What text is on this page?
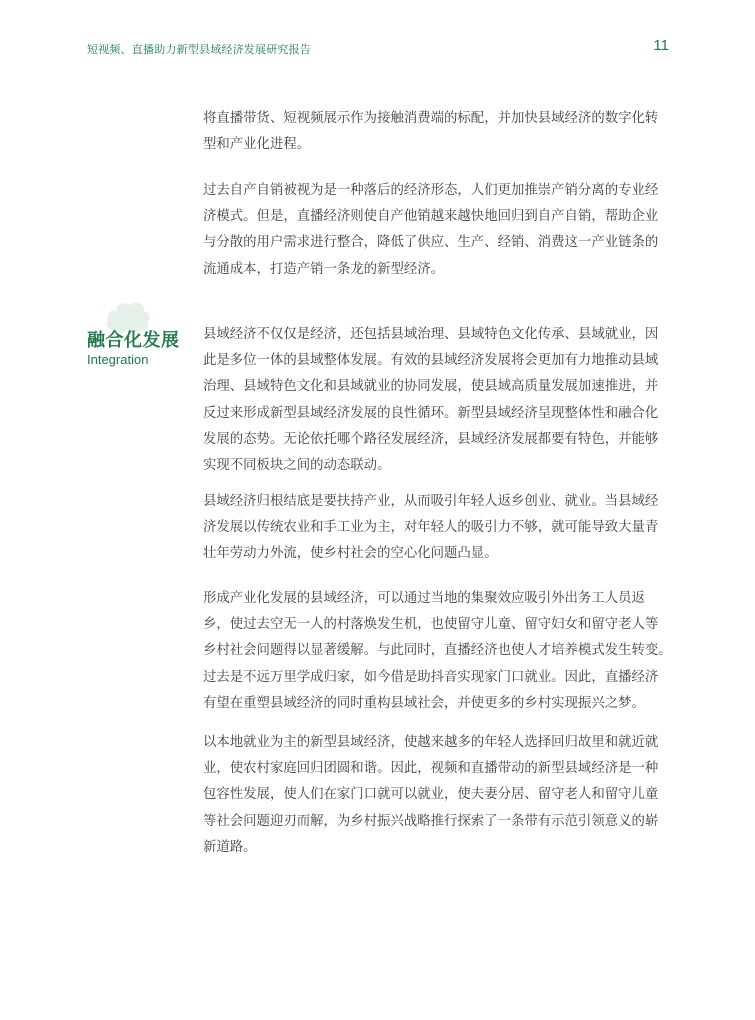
短视频、直播助力新型县域经济发展研究报告	11

将直播带货、短视频展示作为接触消费端的标配，并加快县域经济的数字化转
型和产业化进程。

过去自产自销被视为是一种落后的经济形态，人们更加推崇产销分离的专业经
济模式。但是，直播经济则使自产他销越来越快地回归到自产自销，帮助企业
与分散的用户需求进行整合，降低了供应、生产、经销、消费这一产业链条的
流通成本，打造产销一条龙的新型经济。

融合化发展
Integration

县域经济不仅仅是经济，还包括县域治理、县域特色文化传承、县域就业，因
此是多位一体的县域整体发展。有效的县域经济发展将会更加有力地推动县域
治理、县域特色文化和县域就业的协同发展，使县域高质量发展加速推进，并
反过来形成新型县域经济发展的良性循环。新型县域经济呈现整体性和融合化
发展的态势。无论依托哪个路径发展经济，县域经济发展都要有特色，并能够
实现不同板块之间的动态联动。

县域经济归根结底是要扶持产业，从而吸引年轻人返乡创业、就业。当县域经
济发展以传统农业和手工业为主，对年轻人的吸引力不够，就可能导致大量青
壮年劳动力外流，使乡村社会的空心化问题凸显。

形成产业化发展的县域经济，可以通过当地的集聚效应吸引外出务工人员返
乡，使过去空无一人的村落焕发生机，也使留守儿童、留守妇女和留守老人等
乡村社会问题得以显著缓解。与此同时，直播经济也使人才培养模式发生转变。
过去是不远万里学成归家，如今借是助抖音实现家门口就业。因此，直播经济
有望在重塑县域经济的同时重构县域社会，并使更多的乡村实现振兴之梦。

以本地就业为主的新型县域经济，使越来越多的年轻人选择回归故里和就近就
业，使农村家庭回归团圆和谐。因此，视频和直播带动的新型县域经济是一种
包容性发展，使人们在家门口就可以就业，使夫妻分居、留守老人和留守儿童
等社会问题迎刃而解，为乡村振兴战略推行探索了一条带有示范引领意义的崭
新道路。
